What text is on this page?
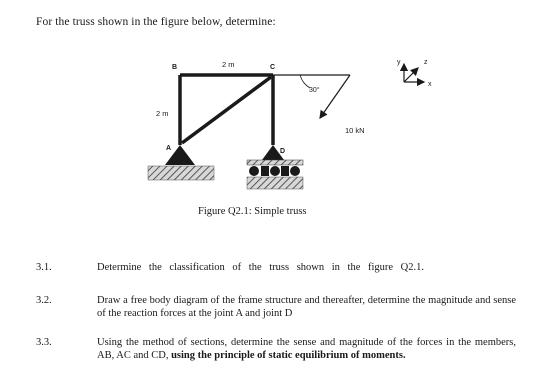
For the truss shown in the figure below, determine:
B	C
A	D
2 m
2 m
30°
10 kN
y	z
x
Figure Q2.1: Simple truss
3.1.	Determine the classification of the truss shown in the figure Q2.1.
3.2.	Draw a free body diagram of the frame structure and thereafter, determine the magnitude and sense of the reaction forces at the joint A and joint D
3.3.	Using the method of sections, determine the sense and magnitude of the forces in the members, AB, AC and CD, using the principle of static equilibrium of moments.
